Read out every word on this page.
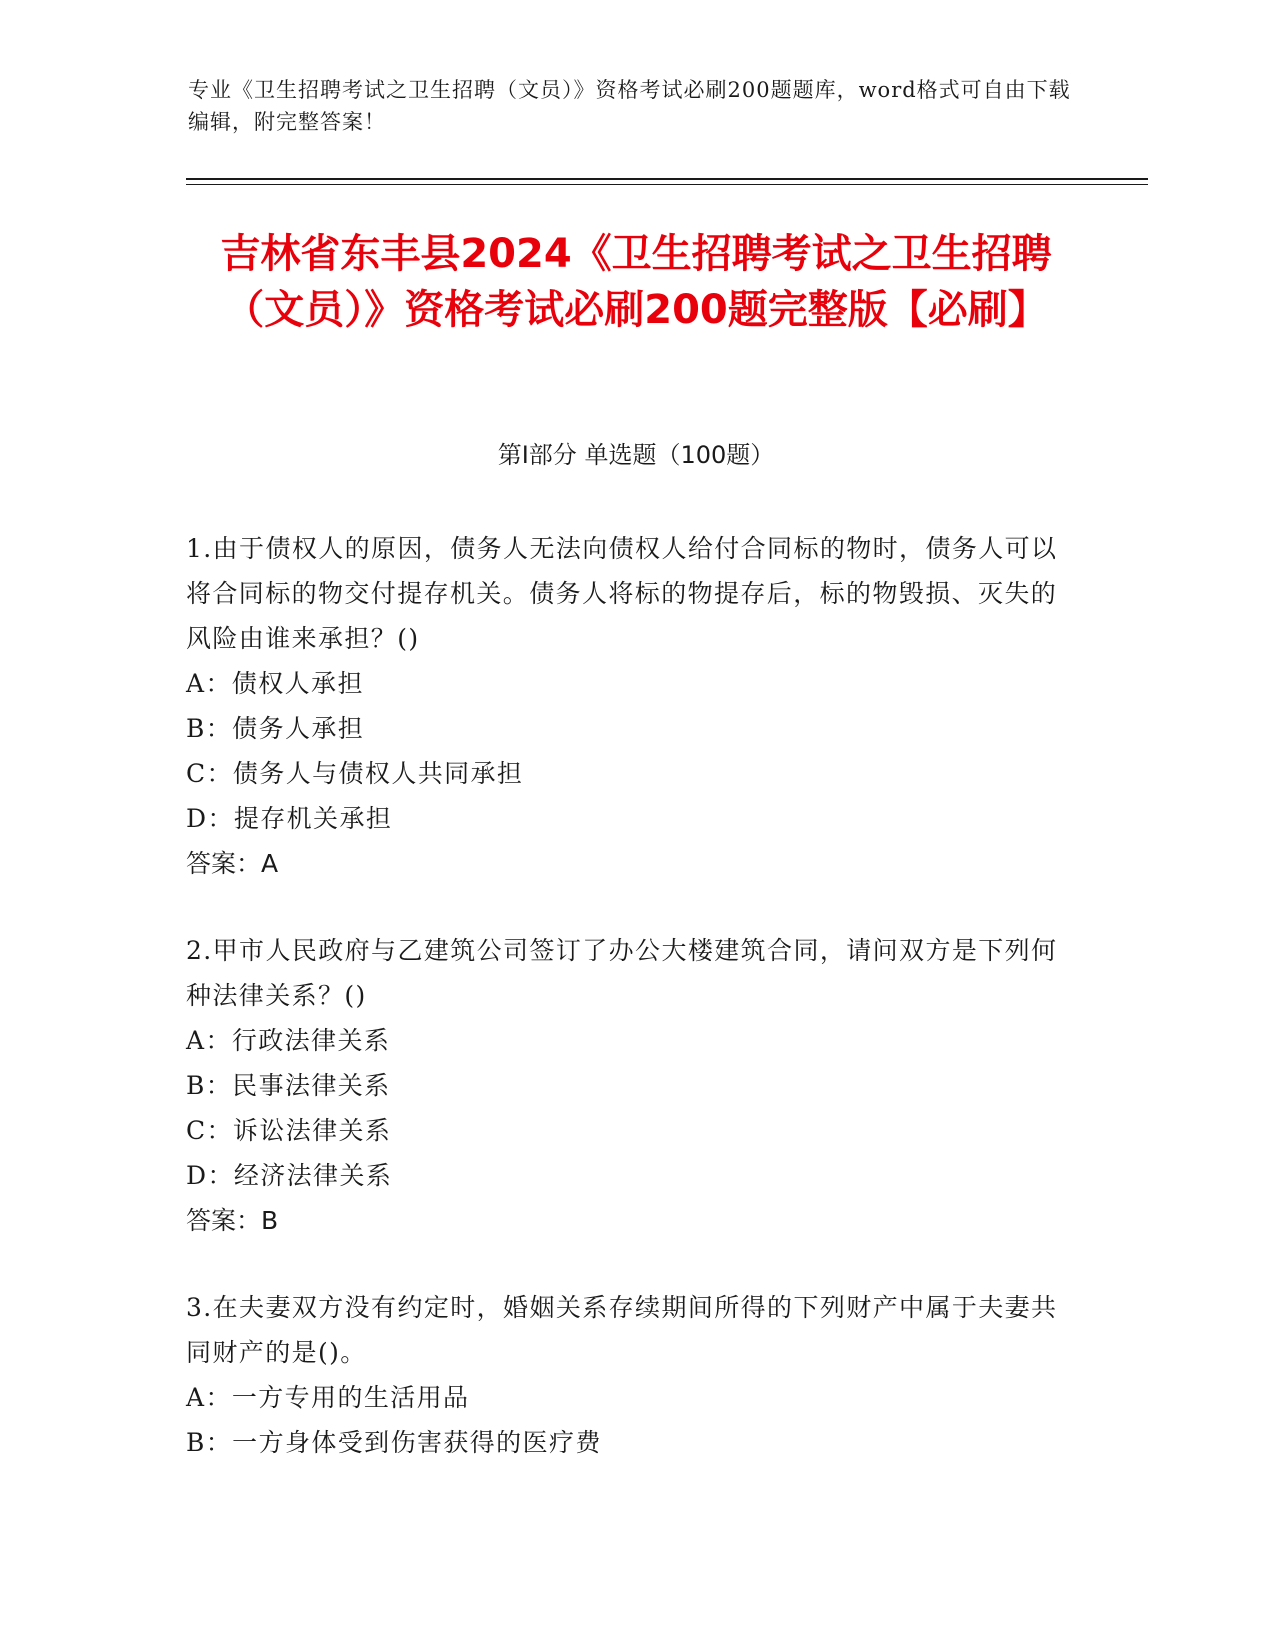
专业《卫生招聘考试之卫生招聘（文员）》资格考试必刷200题题库，word格式可自由下载编辑，附完整答案！
吉林省东丰县2024《卫生招聘考试之卫生招聘（文员）》资格考试必刷200题完整版【必刷】
第Ⅰ部分 单选题（100题）

1.由于债权人的原因，债务人无法向债权人给付合同标的物时，债务人可以将合同标的物交付提存机关。债务人将标的物提存后，标的物毁损、灭失的风险由谁来承担？()

A：债权人承担

B：债务人承担

C：债务人与债权人共同承担

D：提存机关承担

答案：A

2.甲市人民政府与乙建筑公司签订了办公大楼建筑合同，请问双方是下列何种法律关系？()

A：行政法律关系

B：民事法律关系

C：诉讼法律关系

D：经济法律关系

答案：B

3.在夫妻双方没有约定时，婚姻关系存续期间所得的下列财产中属于夫妻共同财产的是()。

A：一方专用的生活用品

B：一方身体受到伤害获得的医疗费
